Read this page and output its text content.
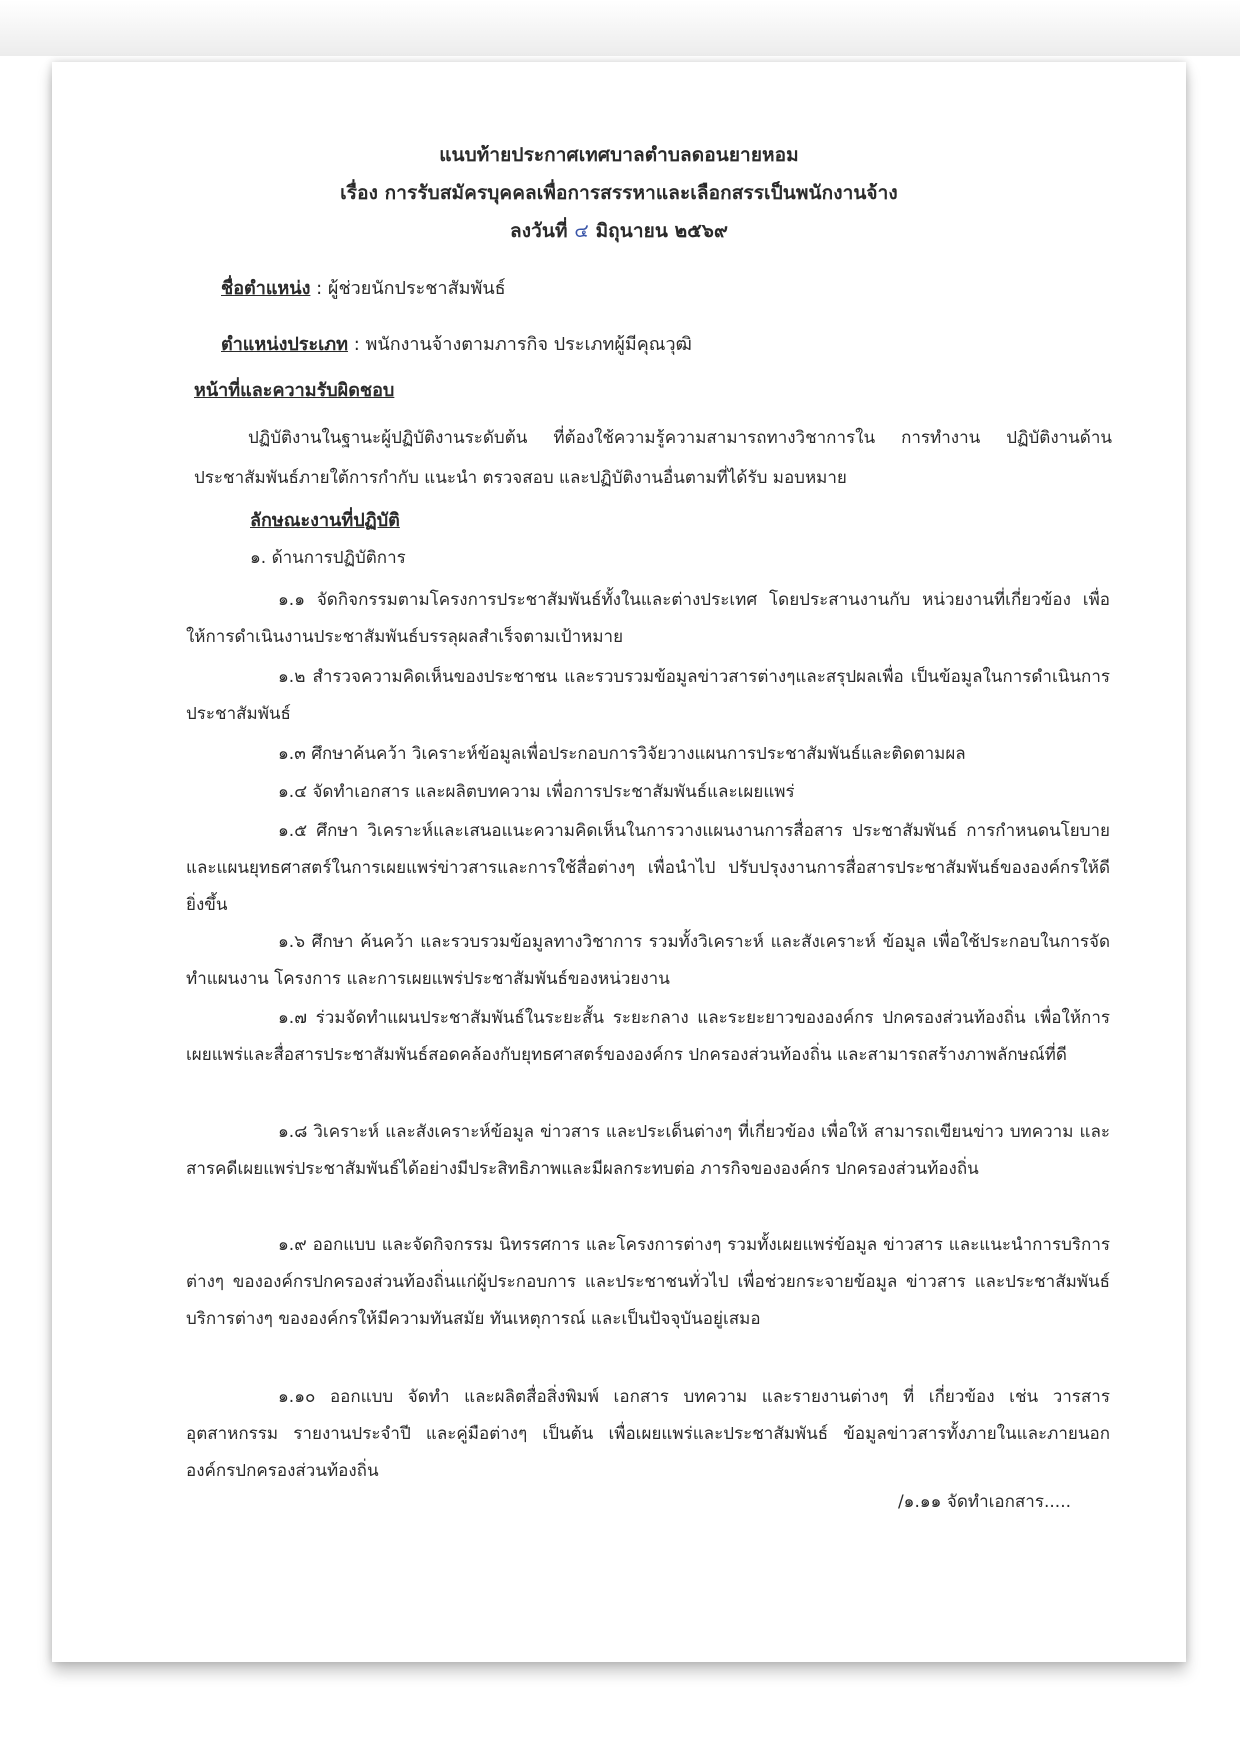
แนบท้ายประกาศเทศบาลตำบลดอนยายหอม
เรื่อง การรับสมัครบุคคลเพื่อการสรรหาและเลือกสรรเป็นพนักงานจ้าง
ลงวันที่ ๔ มิถุนายน ๒๕๖๙
ชื่อตำแหน่ง : ผู้ช่วยนักประชาสัมพันธ์
ตำแหน่งประเภท : พนักงานจ้างตามภารกิจ ประเภทผู้มีคุณวุฒิ
หน้าที่และความรับผิดชอบ
ปฏิบัติงานในฐานะผู้ปฏิบัติงานระดับต้น ที่ต้องใช้ความรู้ความสามารถทางวิชาการใน การทำงาน ปฏิบัติงานด้านประชาสัมพันธ์ภายใต้การกำกับ แนะนำ ตรวจสอบ และปฏิบัติงานอื่นตามที่ได้รับ มอบหมาย
ลักษณะงานที่ปฏิบัติ
๑. ด้านการปฏิบัติการ
๑.๑ จัดกิจกรรมตามโครงการประชาสัมพันธ์ทั้งในและต่างประเทศ โดยประสานงานกับ หน่วยงานที่เกี่ยวข้อง เพื่อให้การดำเนินงานประชาสัมพันธ์บรรลุผลสำเร็จตามเป้าหมาย
๑.๒ สำรวจความคิดเห็นของประชาชน และรวบรวมข้อมูลข่าวสารต่างๆและสรุปผลเพื่อ เป็นข้อมูลในการดำเนินการประชาสัมพันธ์
๑.๓ ศึกษาค้นคว้า วิเคราะห์ข้อมูลเพื่อประกอบการวิจัยวางแผนการประชาสัมพันธ์และติดตามผล
๑.๔ จัดทำเอกสาร และผลิตบทความ เพื่อการประชาสัมพันธ์และเผยแพร่
๑.๕ ศึกษา วิเคราะห์และเสนอแนะความคิดเห็นในการวางแผนงานการสื่อสาร ประชาสัมพันธ์ การกำหนดนโยบาย และแผนยุทธศาสตร์ในการเผยแพร่ข่าวสารและการใช้สื่อต่างๆ เพื่อนำไป ปรับปรุงงานการสื่อสารประชาสัมพันธ์ขององค์กรให้ดียิ่งขึ้น
๑.๖ ศึกษา ค้นคว้า และรวบรวมข้อมูลทางวิชาการ รวมทั้งวิเคราะห์ และสังเคราะห์ ข้อมูล เพื่อใช้ประกอบในการจัดทำแผนงาน โครงการ และการเผยแพร่ประชาสัมพันธ์ของหน่วยงาน
๑.๗ ร่วมจัดทำแผนประชาสัมพันธ์ในระยะสั้น ระยะกลาง และระยะยาวขององค์กร ปกครองส่วนท้องถิ่น เพื่อให้การเผยแพร่และสื่อสารประชาสัมพันธ์สอดคล้องกับยุทธศาสตร์ขององค์กร ปกครองส่วนท้องถิ่น และสามารถสร้างภาพลักษณ์ที่ดี
๑.๘ วิเคราะห์ และสังเคราะห์ข้อมูล ข่าวสาร และประเด็นต่างๆ ที่เกี่ยวข้อง เพื่อให้ สามารถเขียนข่าว บทความ และสารคดีเผยแพร่ประชาสัมพันธ์ได้อย่างมีประสิทธิภาพและมีผลกระทบต่อ ภารกิจขององค์กร ปกครองส่วนท้องถิ่น
๑.๙ ออกแบบ และจัดกิจกรรม นิทรรศการ และโครงการต่างๆ รวมทั้งเผยแพร่ข้อมูล ข่าวสาร และแนะนำการบริการต่างๆ ขององค์กรปกครองส่วนท้องถิ่นแก่ผู้ประกอบการ และประชาชนทั่วไป เพื่อช่วยกระจายข้อมูล ข่าวสาร และประชาสัมพันธ์บริการต่างๆ ขององค์กรให้มีความทันสมัย ทันเหตุการณ์ และเป็นปัจจุบันอยู่เสมอ
๑.๑๐ ออกแบบ จัดทำ และผลิตสื่อสิ่งพิมพ์ เอกสาร บทความ และรายงานต่างๆ ที่ เกี่ยวข้อง เช่น วารสารอุตสาหกรรม รายงานประจำปี และคู่มือต่างๆ เป็นต้น เพื่อเผยแพร่และประชาสัมพันธ์ ข้อมูลข่าวสารทั้งภายในและภายนอกองค์กรปกครองส่วนท้องถิ่น
/๑.๑๑ จัดทำเอกสาร.....
